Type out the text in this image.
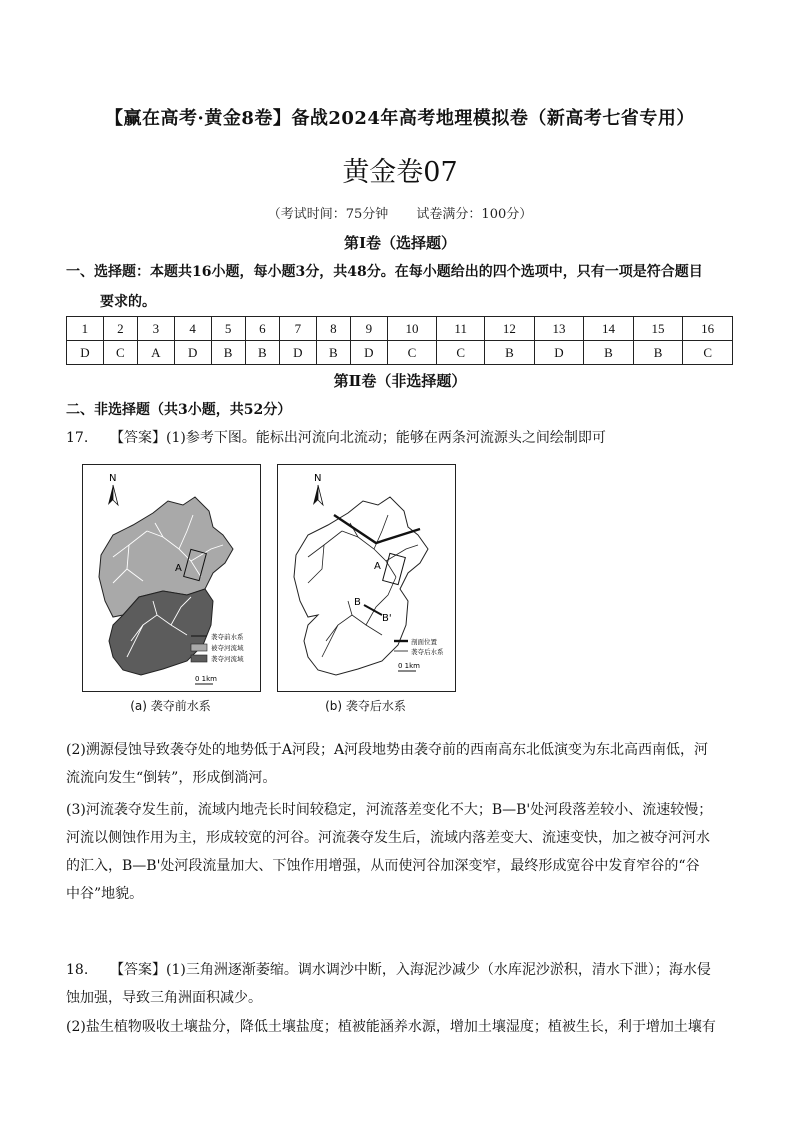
【赢在高考·黄金8卷】备战2024年高考地理模拟卷（新高考七省专用）
黄金卷07
（考试时间：75分钟 试卷满分：100分）
第Ⅰ卷（选择题）
一、选择题：本题共16小题，每小题3分，共48分。在每小题给出的四个选项中，只有一项是符合题目
要求的。
1	2	3	4	5	6	7	8	9	10	11	12	13	14	15	16
D	C	A	D	B	B	D	B	D	C	C	B	D	B	B	C
第Ⅱ卷（非选择题）
二、非选择题（共3小题，共52分）
17. 【答案】(1)参考下图。能标出河流向北流动；能够在两条河流源头之间绘制即可
N
A
袭夺前水系
被夺河流域
袭夺河流域
0 1km
N
A
B
B'
剖面位置
袭夺后水系
0 1km
(a) 袭夺前水系	(b) 袭夺后水系
(2)溯源侵蚀导致袭夺处的地势低于A河段；A河段地势由袭夺前的西南高东北低演变为东北高西南低，河
流流向发生“倒转”，形成倒淌河。
(3)河流袭夺发生前，流域内地壳长时间较稳定，河流落差变化不大；B—B'处河段落差较小、流速较慢；
河流以侧蚀作用为主，形成较宽的河谷。河流袭夺发生后，流域内落差变大、流速变快，加之被夺河河水
的汇入，B—B'处河段流量加大、下蚀作用增强，从而使河谷加深变窄，最终形成宽谷中发育窄谷的“谷
中谷”地貌。
18. 【答案】(1)三角洲逐渐萎缩。调水调沙中断，入海泥沙减少（水库泥沙淤积，清水下泄）；海水侵
蚀加强，导致三角洲面积减少。
(2)盐生植物吸收土壤盐分，降低土壤盐度；植被能涵养水源，增加土壤湿度；植被生长，利于增加土壤有
